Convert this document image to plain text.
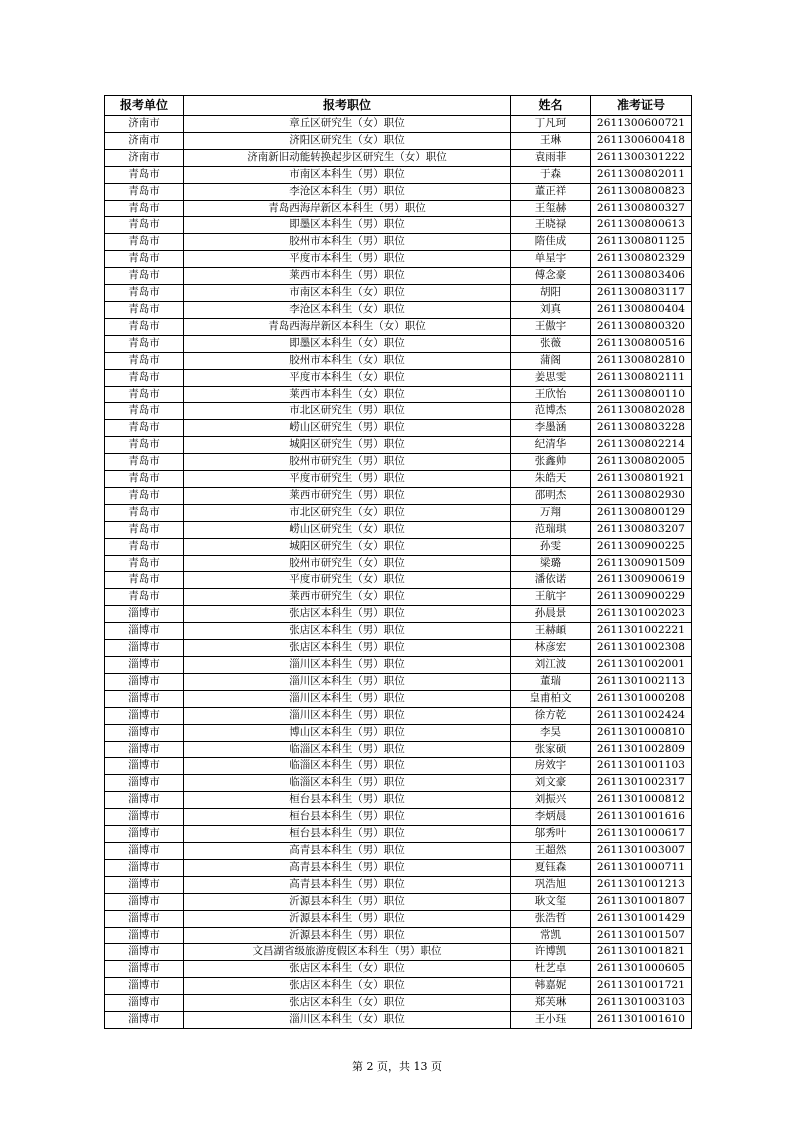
报考单位	报考职位	姓名	准考证号
济南市	章丘区研究生（女）职位	丁凡珂	2611300600721
济南市	济阳区研究生（女）职位	王琳	2611300600418
济南市	济南新旧动能转换起步区研究生（女）职位	袁雨菲	2611300301222
青岛市	市南区本科生（男）职位	于森	2611300802011
青岛市	李沧区本科生（男）职位	董正祥	2611300800823
青岛市	青岛西海岸新区本科生（男）职位	王玺赫	2611300800327
青岛市	即墨区本科生（男）职位	王晓禄	2611300800613
青岛市	胶州市本科生（男）职位	隋佳成	2611300801125
青岛市	平度市本科生（男）职位	单星宇	2611300802329
青岛市	莱西市本科生（男）职位	傅念豪	2611300803406
青岛市	市南区本科生（女）职位	胡阳	2611300803117
青岛市	李沧区本科生（女）职位	刘真	2611300800404
青岛市	青岛西海岸新区本科生（女）职位	王傲宇	2611300800320
青岛市	即墨区本科生（女）职位	张薇	2611300800516
青岛市	胶州市本科生（女）职位	蒲阁	2611300802810
青岛市	平度市本科生（女）职位	姜思雯	2611300802111
青岛市	莱西市本科生（女）职位	王欣怡	2611300800110
青岛市	市北区研究生（男）职位	范博杰	2611300802028
青岛市	崂山区研究生（男）职位	李墨涵	2611300803228
青岛市	城阳区研究生（男）职位	纪清华	2611300802214
青岛市	胶州市研究生（男）职位	张鑫帅	2611300802005
青岛市	平度市研究生（男）职位	朱皓天	2611300801921
青岛市	莱西市研究生（男）职位	邵明杰	2611300802930
青岛市	市北区研究生（女）职位	万翔	2611300800129
青岛市	崂山区研究生（女）职位	范瑞琪	2611300803207
青岛市	城阳区研究生（女）职位	孙雯	2611300900225
青岛市	胶州市研究生（女）职位	梁璐	2611300901509
青岛市	平度市研究生（女）职位	潘依诺	2611300900619
青岛市	莱西市研究生（女）职位	王航宇	2611300900229
淄博市	张店区本科生（男）职位	孙晨景	2611301002023
淄博市	张店区本科生（男）职位	王赫頔	2611301002221
淄博市	张店区本科生（男）职位	林彦宏	2611301002308
淄博市	淄川区本科生（男）职位	刘江波	2611301002001
淄博市	淄川区本科生（男）职位	董瑞	2611301002113
淄博市	淄川区本科生（男）职位	皇甫柏文	2611301000208
淄博市	淄川区本科生（男）职位	徐方乾	2611301002424
淄博市	博山区本科生（男）职位	李昊	2611301000810
淄博市	临淄区本科生（男）职位	张家硕	2611301002809
淄博市	临淄区本科生（男）职位	房效宇	2611301001103
淄博市	临淄区本科生（男）职位	刘文豪	2611301002317
淄博市	桓台县本科生（男）职位	刘振兴	2611301000812
淄博市	桓台县本科生（男）职位	李炳晨	2611301001616
淄博市	桓台县本科生（男）职位	邬秀叶	2611301000617
淄博市	高青县本科生（男）职位	王超然	2611301003007
淄博市	高青县本科生（男）职位	夏钰森	2611301000711
淄博市	高青县本科生（男）职位	巩浩旭	2611301001213
淄博市	沂源县本科生（男）职位	耿文玺	2611301001807
淄博市	沂源县本科生（男）职位	张浩哲	2611301001429
淄博市	沂源县本科生（男）职位	常凯	2611301001507
淄博市	文昌湖省级旅游度假区本科生（男）职位	许博凯	2611301001821
淄博市	张店区本科生（女）职位	杜艺卓	2611301000605
淄博市	张店区本科生（女）职位	韩嘉妮	2611301001721
淄博市	张店区本科生（女）职位	郑芙琳	2611301003103
淄博市	淄川区本科生（女）职位	王小珏	2611301001610
第 2 页，共 13 页
